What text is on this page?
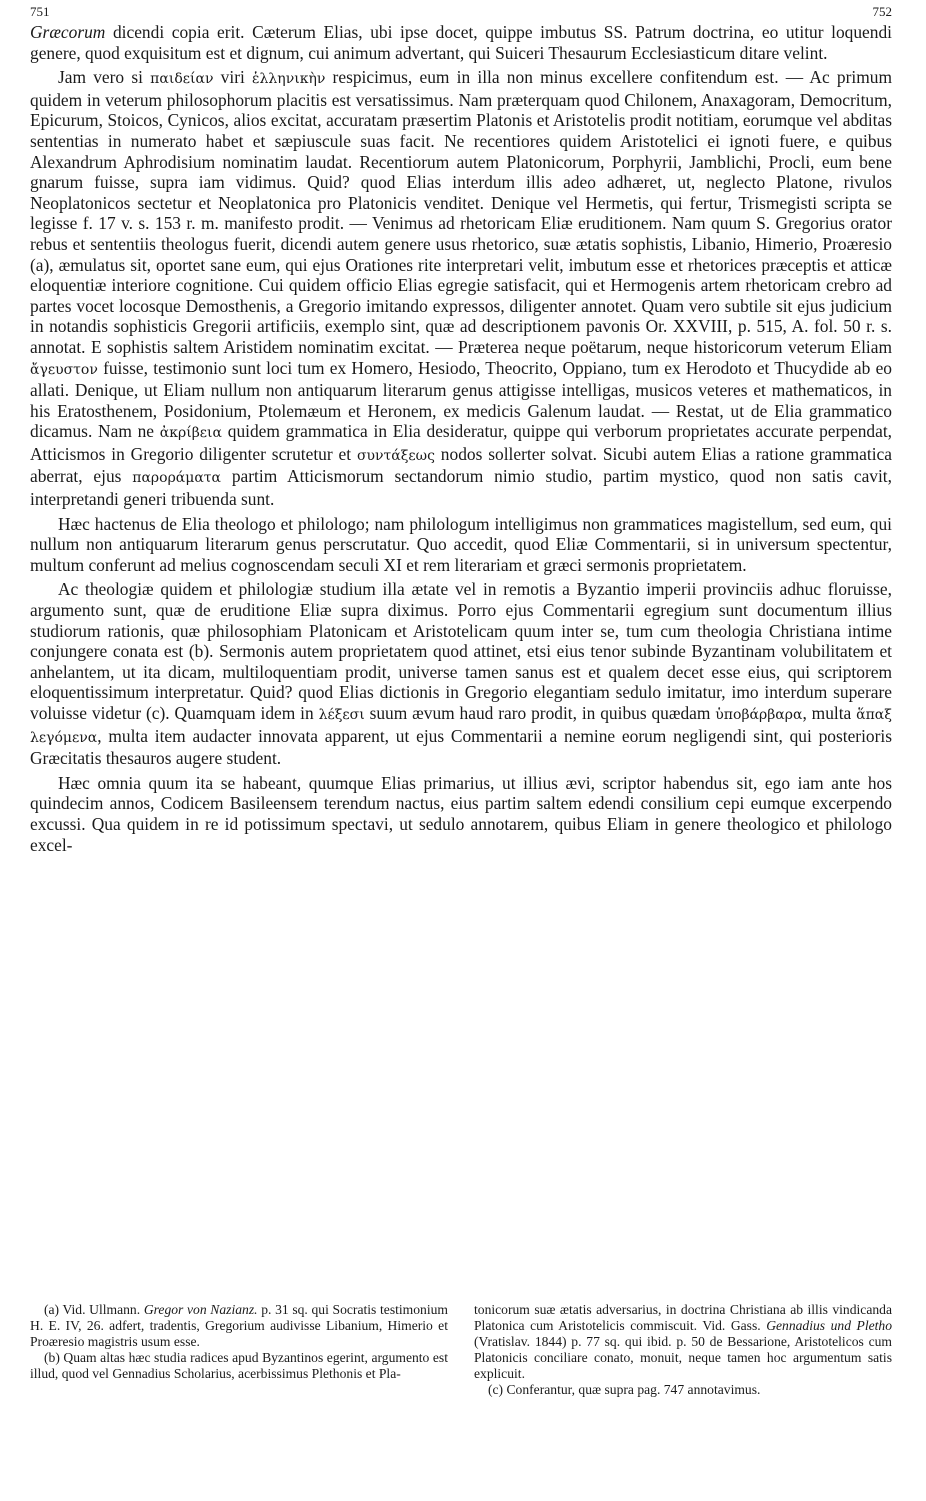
751	752

Græcorum dicendi copia erit. Cæterum Elias, ubi ipse docet, quippe imbutus SS. Patrum doctrina, eo utitur loquendi genere, quod exquisitum est et dignum, cui animum advertant, qui Suiceri Thesaurum Ecclesiasticum ditare velint.

Jam vero si παιδείαν viri ἑλληνικὴν respicimus, eum in illa non minus excellere confitendum est. — Ac primum quidem in veterum philosophorum placitis est versatissimus. Nam præterquam quod Chilonem, Anaxagoram, Democritum, Epicurum, Stoicos, Cynicos, alios excitat, accuratam præsertim Platonis et Aristotelis prodit notitiam, eorumque vel abditas sententias in numerato habet et sæpiuscule suas facit. Ne recentiores quidem Aristotelici ei ignoti fuere, e quibus Alexandrum Aphrodisium nominatim laudat. Recentiorum autem Platonicorum, Porphyrii, Jamblichi, Procli, eum bene gnarum fuisse, supra iam vidimus. Quid? quod Elias interdum illis adeo adhæret, ut, neglecto Platone, rivulos Neoplatonicos sectetur et Neoplatonica pro Platonicis venditet. Denique vel Hermetis, qui fertur, Trismegisti scripta se legisse f. 17 v. s. 153 r. m. manifesto prodit. — Venimus ad rhetoricam Eliæ eruditionem. Nam quum S. Gregorius orator rebus et sententiis theologus fuerit, dicendi autem genere usus rhetorico, suæ ætatis sophistis, Libanio, Himerio, Proæresio (a), æmulatus sit, oportet sane eum, qui ejus Orationes rite interpretari velit, imbutum esse et rhetorices præceptis et atticæ eloquentiæ interiore cognitione. Cui quidem officio Elias egregie satisfacit, qui et Hermogenis artem rhetoricam crebro ad partes vocet locosque Demosthenis, a Gregorio imitando expressos, diligenter annotet. Quam vero subtile sit ejus judicium in notandis sophisticis Gregorii artificiis, exemplo sint, quæ ad descriptionem pavonis Or. XXVIII, p. 515, A. fol. 50 r. s. annotat. E sophistis saltem Aristidem nominatim excitat. — Præterea neque poëtarum, neque historicorum veterum Eliam ἄγευστον fuisse, testimonio sunt loci tum ex Homero, Hesiodo, Theocrito, Oppiano, tum ex Herodoto et Thucydide ab eo allati. Denique, ut Eliam nullum non antiquarum literarum genus attigisse intelligas, musicos veteres et mathematicos, in his Eratosthenem, Posidonium, Ptolemæum et Heronem, ex medicis Galenum laudat. — Restat, ut de Elia grammatico dicamus. Nam ne ἀκρίβεια quidem grammatica in Elia desideratur, quippe qui verborum proprietates accurate perpendat, Atticismos in Gregorio diligenter scrutetur et συντάξεως nodos sollerter solvat. Sicubi autem Elias a ratione grammatica aberrat, ejus παροράματα partim Atticismorum sectandorum nimio studio, partim mystico, quod non satis cavit, interpretandi generi tribuenda sunt.

Hæc hactenus de Elia theologo et philologo; nam philologum intelligimus non grammatices magistellum, sed eum, qui nullum non antiquarum literarum genus perscrutatur. Quo accedit, quod Eliæ Commentarii, si in universum spectentur, multum conferunt ad melius cognoscendam seculi XI et rem literariam et græci sermonis proprietatem.

Ac theologiæ quidem et philologiæ studium illa ætate vel in remotis a Byzantio imperii provinciis adhuc floruisse, argumento sunt, quæ de eruditione Eliæ supra diximus. Porro ejus Commentarii egregium sunt documentum illius studiorum rationis, quæ philosophiam Platonicam et Aristotelicam quum inter se, tum cum theologia Christiana intime conjungere conata est (b). Sermonis autem proprietatem quod attinet, etsi eius tenor subinde Byzantinam volubilitatem et anhelantem, ut ita dicam, multiloquentiam prodit, universe tamen sanus est et qualem decet esse eius, qui scriptorem eloquentissimum interpretatur. Quid? quod Elias dictionis in Gregorio elegantiam sedulo imitatur, imo interdum superare voluisse videtur (c). Quamquam idem in λέξεσι suum ævum haud raro prodit, in quibus quædam ὑποβάρβαρα, multa ἅπαξ λεγόμενα, multa item audacter innovata apparent, ut ejus Commentarii a nemine eorum negligendi sint, qui posterioris Græcitatis thesauros augere student.

Hæc omnia quum ita se habeant, quumque Elias primarius, ut illius ævi, scriptor habendus sit, ego iam ante hos quindecim annos, Codicem Basileensem terendum nactus, eius partim saltem edendi consilium cepi eumque excerpendo excussi. Qua quidem in re id potissimum spectavi, ut sedulo annotarem, quibus Eliam in genere theologico et philologo excel-

(a) Vid. Ullmann. Gregor von Nazianz. p. 31 sq. qui Socratis testimonium H. E. IV, 26. adfert, tradentis, Gregorium audivisse Libanium, Himerio et Proæresio magistris usum esse.

(b) Quam altas hæc studia radices apud Byzantinos egerint, argumento est illud, quod vel Gennadius Scholarius, acerbissimus Plethonis et Pla-

tonicorum suæ ætatis adversarius, in doctrina Christiana ab illis vindicanda Platonica cum Aristotelicis commiscuit. Vid. Gass. Gennadius und Pletho (Vratislav. 1844) p. 77 sq. qui ibid. p. 50 de Bessarione, Aristotelicos cum Platonicis conciliare conato, monuit, neque tamen hoc argumentum satis explicuit.

(c) Conferantur, quæ supra pag. 747 annotavimus.
